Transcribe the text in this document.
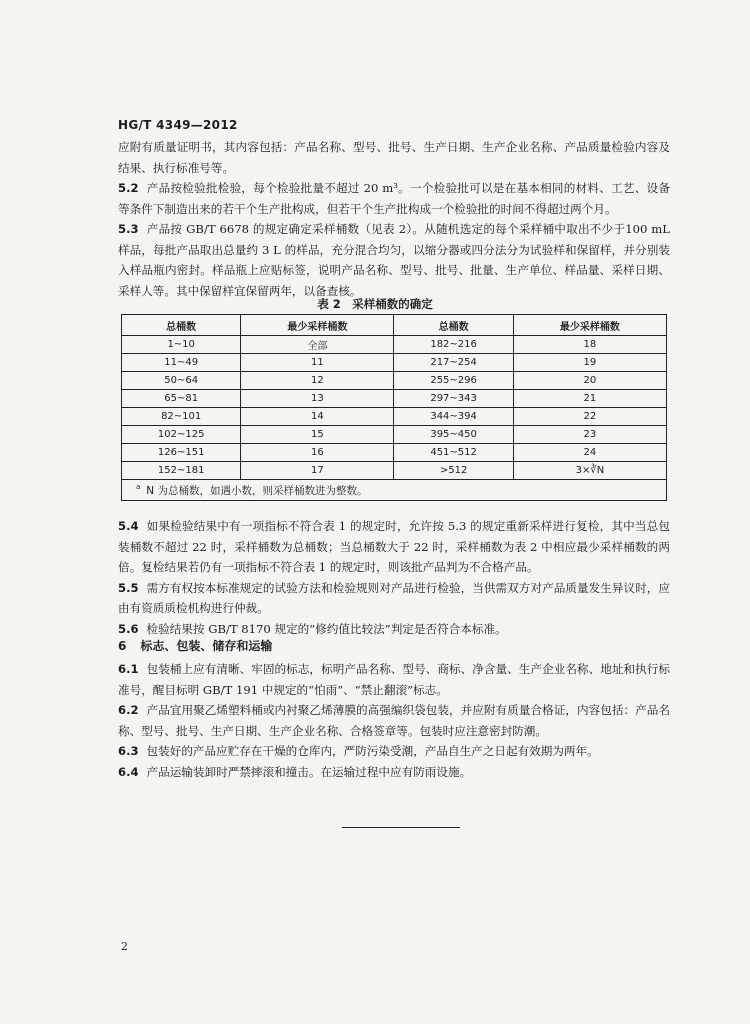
HG/T 4349—2012

应附有质量证明书，其内容包括：产品名称、型号、批号、生产日期、生产企业名称、产品质量检验内容及结果、执行标准号等。

5.2 产品按检验批检验，每个检验批量不超过 20 m³。一个检验批可以是在基本相同的材料、工艺、设备等条件下制造出来的若干个生产批构成，但若干个生产批构成一个检验批的时间不得超过两个月。

5.3 产品按 GB/T 6678 的规定确定采样桶数（见表 2）。从随机选定的每个采样桶中取出不少于100 mL 样品，每批产品取出总量约 3 L 的样品，充分混合均匀，以缩分器或四分法分为试验样和保留样，并分别装入样品瓶内密封。样品瓶上应贴标签，说明产品名称、型号、批号、批量、生产单位、样品量、采样日期、采样人等。其中保留样宜保留两年，以备查核。

表 2　采样桶数的确定
总桶数	最少采样桶数	总桶数	最少采样桶数
1~10	全部	182~216	18
11~49	11	217~254	19
50~64	12	255~296	20
65~81	13	297~343	21
82~101	14	344~394	22
102~125	15	395~450	23
126~151	16	451~512	24
152~181	17	>512	3×∛N
$^a$ N 为总桶数，如遇小数，则采样桶数进为整数。			

5.4 如果检验结果中有一项指标不符合表 1 的规定时，允许按 5.3 的规定重新采样进行复检，其中当总包装桶数不超过 22 时，采样桶数为总桶数；当总桶数大于 22 时，采样桶数为表 2 中相应最少采样桶数的两倍。复检结果若仍有一项指标不符合表 1 的规定时，则该批产品判为不合格产品。

5.5 需方有权按本标准规定的试验方法和检验规则对产品进行检验，当供需双方对产品质量发生异议时，应由有资质质检机构进行仲裁。

5.6 检验结果按 GB/T 8170 规定的“修约值比较法”判定是否符合本标准。

6 标志、包装、储存和运输

6.1 包装桶上应有清晰、牢固的标志，标明产品名称、型号、商标、净含量、生产企业名称、地址和执行标准号，醒目标明 GB/T 191 中规定的“怕雨”、“禁止翻滚”标志。

6.2 产品宜用聚乙烯塑料桶或内衬聚乙烯薄膜的高强编织袋包装，并应附有质量合格证，内容包括：产品名称、型号、批号、生产日期、生产企业名称、合格签章等。包装时应注意密封防潮。

6.3 包装好的产品应贮存在干燥的仓库内，严防污染受潮，产品自生产之日起有效期为两年。

6.4 产品运输装卸时严禁摔滚和撞击。在运输过程中应有防雨设施。

2
